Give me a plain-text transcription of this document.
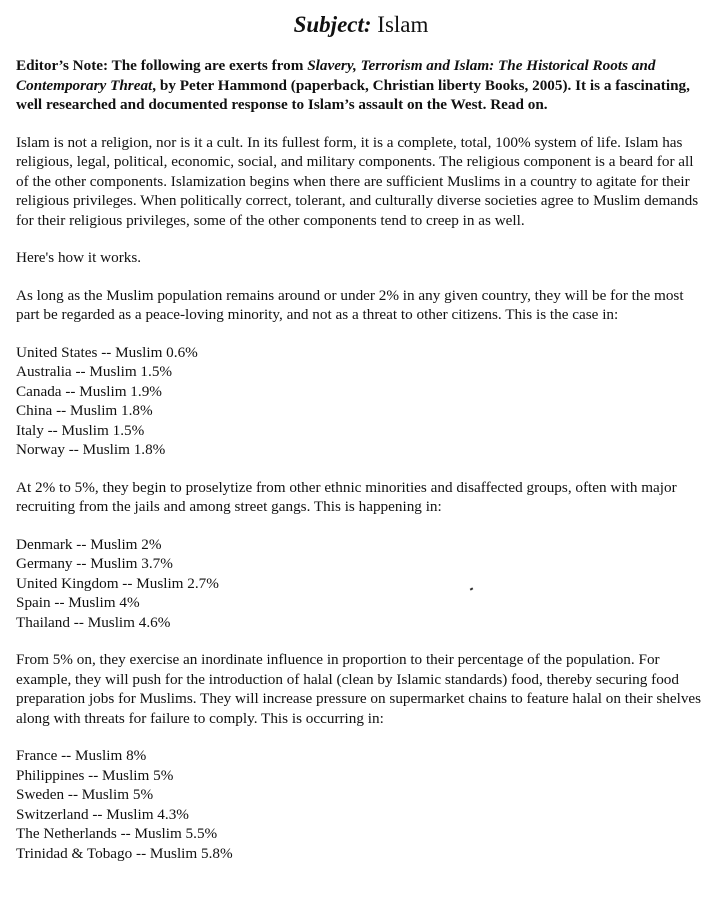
Subject: Islam
Editor’s Note: The following are exerts from Slavery, Terrorism and Islam: The Historical Roots and Contemporary Threat, by Peter Hammond (paperback, Christian liberty Books, 2005). It is a fascinating, well researched and documented response to Islam’s assault on the West. Read on.
Islam is not a religion, nor is it a cult. In its fullest form, it is a complete, total, 100% system of life. Islam has religious, legal, political, economic, social, and military components. The religious component is a beard for all of the other components. Islamization begins when there are sufficient Muslims in a country to agitate for their religious privileges. When politically correct, tolerant, and culturally diverse societies agree to Muslim demands for their religious privileges, some of the other components tend to creep in as well.
Here's how it works.
As long as the Muslim population remains around or under 2% in any given country, they will be for the most part be regarded as a peace-loving minority, and not as a threat to other citizens. This is the case in:
United States -- Muslim 0.6%
Australia -- Muslim 1.5%
Canada -- Muslim 1.9%
China -- Muslim 1.8%
Italy -- Muslim 1.5%
Norway -- Muslim 1.8%
At 2% to 5%, they begin to proselytize from other ethnic minorities and disaffected groups, often with major recruiting from the jails and among street gangs. This is happening in:
Denmark -- Muslim 2%
Germany -- Muslim 3.7%
United Kingdom -- Muslim 2.7%
Spain -- Muslim 4%
Thailand -- Muslim 4.6%
From 5% on, they exercise an inordinate influence in proportion to their percentage of the population. For example, they will push for the introduction of halal (clean by Islamic standards) food, thereby securing food preparation jobs for Muslims. They will increase pressure on supermarket chains to feature halal on their shelves along with threats for failure to comply. This is occurring in:
France -- Muslim 8%
Philippines -- Muslim 5%
Sweden -- Muslim 5%
Switzerland -- Muslim 4.3%
The Netherlands -- Muslim 5.5%
Trinidad & Tobago -- Muslim 5.8%
